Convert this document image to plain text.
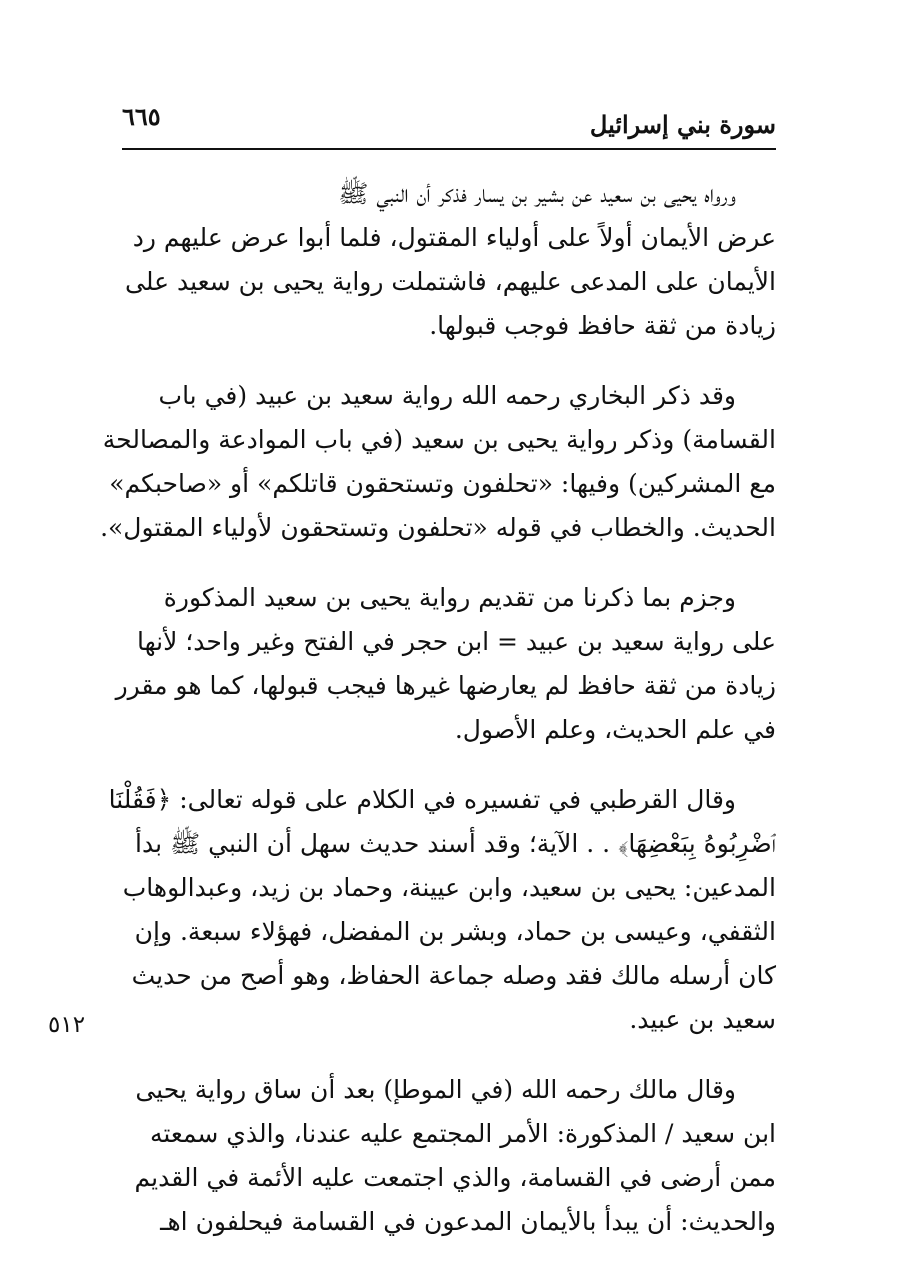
سورة بني إسرائيل
٦٦٥
٥١٢

ورواه يحيى بن سعيد عن بشير بن يسار فذكر أن النبي ﷺ
عرض الأيمان أولاً على أولياء المقتول، فلما أبوا عرض عليهم رد
الأيمان على المدعى عليهم، فاشتملت رواية يحيى بن سعيد على
زيادة من ثقة حافظ فوجب قبولها.

وقد ذكر البخاري رحمه الله رواية سعيد بن عبيد (في باب
القسامة) وذكر رواية يحيى بن سعيد (في باب الموادعة والمصالحة
مع المشركين) وفيها: «تحلفون وتستحقون قاتلكم» أو «صاحبكم»
الحديث. والخطاب في قوله «تحلفون وتستحقون لأولياء المقتول».

وجزم بما ذكرنا من تقديم رواية يحيى بن سعيد المذكورة
على رواية سعيد بن عبيد = ابن حجر في الفتح وغير واحد؛ لأنها
زيادة من ثقة حافظ لم يعارضها غيرها فيجب قبولها، كما هو مقرر
في علم الحديث، وعلم الأصول.

وقال القرطبي في تفسيره في الكلام على قوله تعالى: ﴿فَقُلْنَا
ٱضْرِبُوهُ بِبَعْضِهَا﴾ . . الآية؛ وقد أسند حديث سهل أن النبي ﷺ بدأ
المدعين: يحيى بن سعيد، وابن عيينة، وحماد بن زيد، وعبدالوهاب
الثقفي، وعيسى بن حماد، وبشر بن المفضل، فهؤلاء سبعة. وإن
كان أرسله مالك فقد وصله جماعة الحفاظ، وهو أصح من حديث
سعيد بن عبيد.

وقال مالك رحمه الله (في الموطإ) بعد أن ساق رواية يحيى
ابن سعيد / المذكورة: الأمر المجتمع عليه عندنا، والذي سمعته
ممن أرضى في القسامة، والذي اجتمعت عليه الأئمة في القديم
والحديث: أن يبدأ بالأيمان المدعون في القسامة فيحلفون اهـ
